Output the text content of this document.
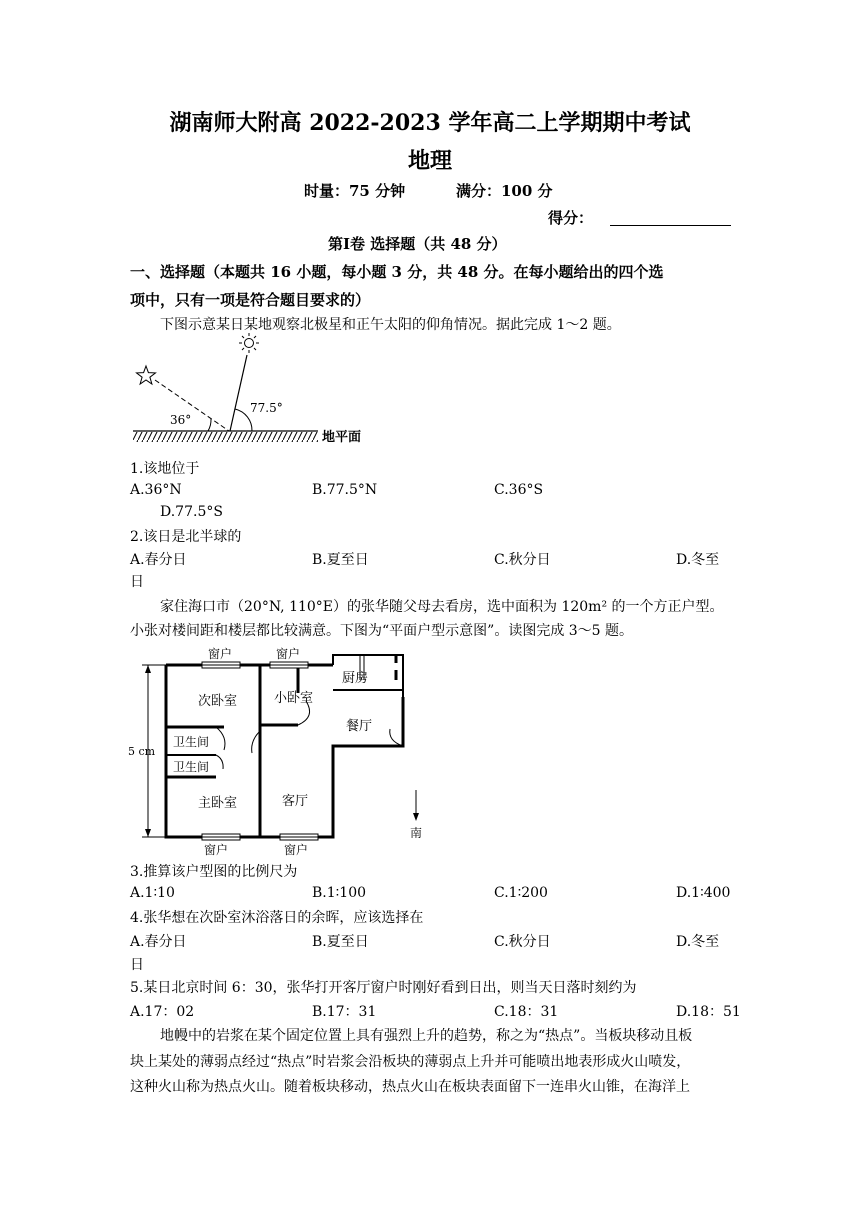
湖南师大附高 2022-2023 学年高二上学期期中考试
地理
时量：75 分钟	满分：100 分
得分：
第Ⅰ卷 选择题（共 48 分）
一、选择题（本题共 16 小题，每小题 3 分，共 48 分。在每小题给出的四个选
项中，只有一项是符合题目要求的）
下图示意某日某地观察北极星和正午太阳的仰角情况。据此完成 1～2 题。
36°
77.5°
地平面
1.该地位于
A.36°N	B.77.5°N	C.36°S
D.77.5°S
2.该日是北半球的
A.春分日	B.夏至日	C.秋分日	D.冬至
日
家住海口市（20°N, 110°E）的张华随父母去看房，选中面积为 120m² 的一个方正户型。
小张对楼间距和楼层都比较满意。下图为“平面户型示意图”。读图完成 3～5 题。
窗户	窗户
次卧室	小卧室
厨房
餐厅
卫生间
卫生间
主卧室	客厅
窗户	窗户
5 cm
南
3.推算该户型图的比例尺为
A.1∶10	B.1∶100	C.1∶200	D.1∶400
4.张华想在次卧室沐浴落日的余晖，应该选择在
A.春分日	B.夏至日	C.秋分日	D.冬至
日
5.某日北京时间 6：30，张华打开客厅窗户时刚好看到日出，则当天日落时刻约为
A.17：02	B.17：31	C.18：31	D.18：51
地幔中的岩浆在某个固定位置上具有强烈上升的趋势，称之为“热点”。当板块移动且板
块上某处的薄弱点经过“热点”时岩浆会沿板块的薄弱点上升并可能喷出地表形成火山喷发，
这种火山称为热点火山。随着板块移动，热点火山在板块表面留下一连串火山锥，在海洋上
